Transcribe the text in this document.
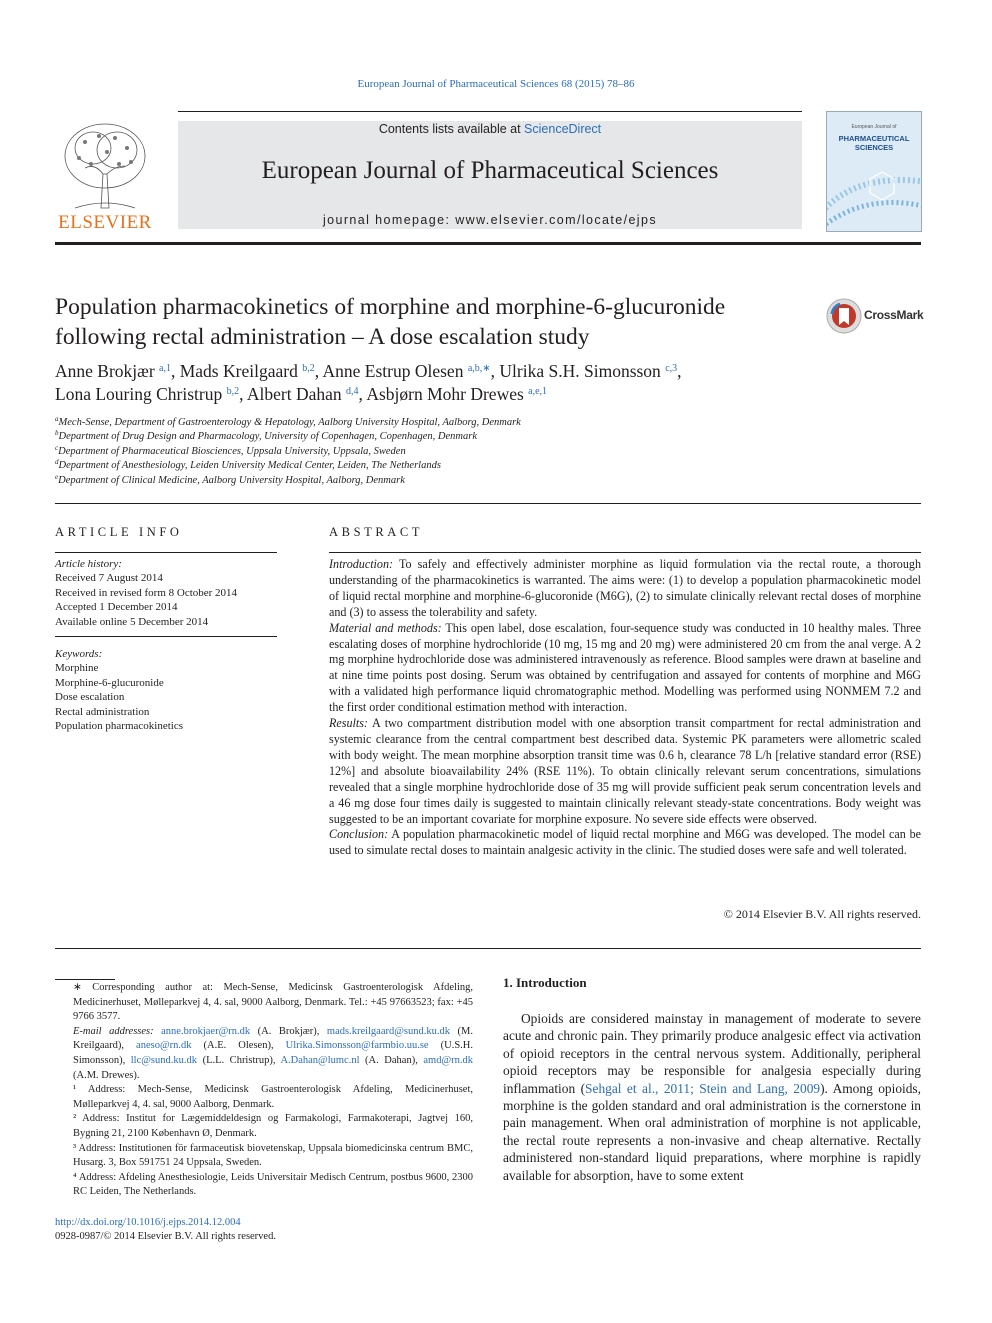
European Journal of Pharmaceutical Sciences 68 (2015) 78–86
ELSEVIER
Contents lists available at ScienceDirect
European Journal of Pharmaceutical Sciences
journal homepage: www.elsevier.com/locate/ejps
European Journal of
PHARMACEUTICAL
SCIENCES
Population pharmacokinetics of morphine and morphine-6-glucuronide following rectal administration – A dose escalation study
CrossMark
Anne Brokjær $^{a,1}$, Mads Kreilgaard $^{b,2}$, Anne Estrup Olesen $^{a,b,∗}$, Ulrika S.H. Simonsson $^{c,3}$,
Lona Louring Christrup $^{b,2}$, Albert Dahan $^{d,4}$, Asbjørn Mohr Drewes $^{a,e,1}$
$^a$Mech-Sense, Department of Gastroenterology & Hepatology, Aalborg University Hospital, Aalborg, Denmark
$^b$Department of Drug Design and Pharmacology, University of Copenhagen, Copenhagen, Denmark
$^c$Department of Pharmaceutical Biosciences, Uppsala University, Uppsala, Sweden
$^d$Department of Anesthesiology, Leiden University Medical Center, Leiden, The Netherlands
$^e$Department of Clinical Medicine, Aalborg University Hospital, Aalborg, Denmark
ARTICLE INFO	ABSTRACT
Article history:
Received 7 August 2014
Received in revised form 8 October 2014
Accepted 1 December 2014
Available online 5 December 2014
Keywords:
Morphine
Morphine-6-glucuronide
Dose escalation
Rectal administration
Population pharmacokinetics

Introduction: To safely and effectively administer morphine as liquid formulation via the rectal route, a thorough understanding of the pharmacokinetics is warranted. The aims were: (1) to develop a population pharmacokinetic model of liquid rectal morphine and morphine-6-glucoronide (M6G), (2) to simulate clinically relevant rectal doses of morphine and (3) to assess the tolerability and safety.

Material and methods: This open label, dose escalation, four-sequence study was conducted in 10 healthy males. Three escalating doses of morphine hydrochloride (10 mg, 15 mg and 20 mg) were administered 20 cm from the anal verge. A 2 mg morphine hydrochloride dose was administered intravenously as reference. Blood samples were drawn at baseline and at nine time points post dosing. Serum was obtained by centrifugation and assayed for contents of morphine and M6G with a validated high performance liquid chromatographic method. Modelling was performed using NONMEM 7.2 and the first order conditional estimation method with interaction.

Results: A two compartment distribution model with one absorption transit compartment for rectal administration and systemic clearance from the central compartment best described data. Systemic PK parameters were allometric scaled with body weight. The mean morphine absorption transit time was 0.6 h, clearance 78 L/h [relative standard error (RSE) 12%] and absolute bioavailability 24% (RSE 11%). To obtain clinically relevant serum concentrations, simulations revealed that a single morphine hydrochloride dose of 35 mg will provide sufficient peak serum concentration levels and a 46 mg dose four times daily is suggested to maintain clinically relevant steady-state concentrations. Body weight was suggested to be an important covariate for morphine exposure. No severe side effects were observed.

Conclusion: A population pharmacokinetic model of liquid rectal morphine and M6G was developed. The model can be used to simulate rectal doses to maintain analgesic activity in the clinic. The studied doses were safe and well tolerated.

© 2014 Elsevier B.V. All rights reserved.

∗ Corresponding author at: Mech-Sense, Medicinsk Gastroenterologisk Afdeling, Medicinerhuset, Mølleparkvej 4, 4. sal, 9000 Aalborg, Denmark. Tel.: +45 97663523; fax: +45 9766 3577.

E-mail addresses: anne.brokjaer@rn.dk (A. Brokjær), mads.kreilgaard@sund.ku.dk (M. Kreilgaard), aneso@rn.dk (A.E. Olesen), Ulrika.Simonsson@farmbio.uu.se (U.S.H. Simonsson), llc@sund.ku.dk (L.L. Christrup), A.Dahan@lumc.nl (A. Dahan), amd@rn.dk (A.M. Drewes).

¹ Address: Mech-Sense, Medicinsk Gastroenterologisk Afdeling, Medicinerhuset, Mølleparkvej 4, 4. sal, 9000 Aalborg, Denmark.

² Address: Institut for Lægemiddeldesign og Farmakologi, Farmakoterapi, Jagtvej 160, Bygning 21, 2100 København Ø, Denmark.

³ Address: Institutionen för farmaceutisk biovetenskap, Uppsala biomedicinska centrum BMC, Husarg. 3, Box 591751 24 Uppsala, Sweden.

⁴ Address: Afdeling Anesthesiologie, Leids Universitair Medisch Centrum, postbus 9600, 2300 RC Leiden, The Netherlands.

http://dx.doi.org/10.1016/j.ejps.2014.12.004
0928-0987/© 2014 Elsevier B.V. All rights reserved.
1. Introduction
Opioids are considered mainstay in management of moderate to severe acute and chronic pain. They primarily produce analgesic effect via activation of opioid receptors in the central nervous system. Additionally, peripheral opioid receptors may be responsible for analgesia especially during inflammation (Sehgal et al., 2011; Stein and Lang, 2009). Among opioids, morphine is the golden standard and oral administration is the cornerstone in pain management. When oral administration of morphine is not applicable, the rectal route represents a non-invasive and cheap alternative. Rectally administered non-standard liquid preparations, where morphine is rapidly available for absorption, have to some extent
